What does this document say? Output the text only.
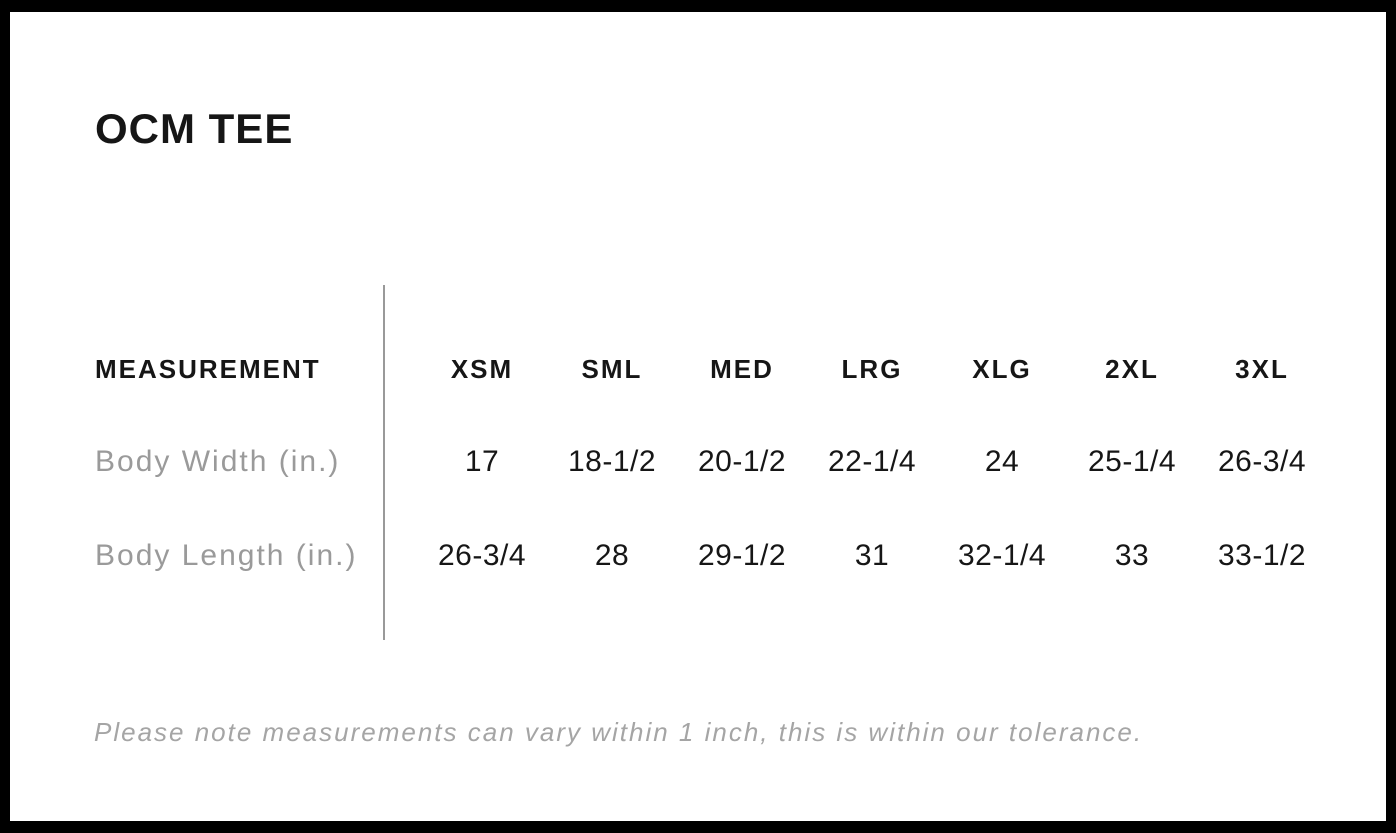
OCM TEE
MEASUREMENT	XSM	SML	MED	LRG	XLG	2XL	3XL
Body Width (in.)	17	18-1/2	20-1/2	22-1/4	24	25-1/4	26-3/4
Body Length (in.)	26-3/4	28	29-1/2	31	32-1/4	33	33-1/2

Please note measurements can vary within 1 inch, this is within our tolerance.
